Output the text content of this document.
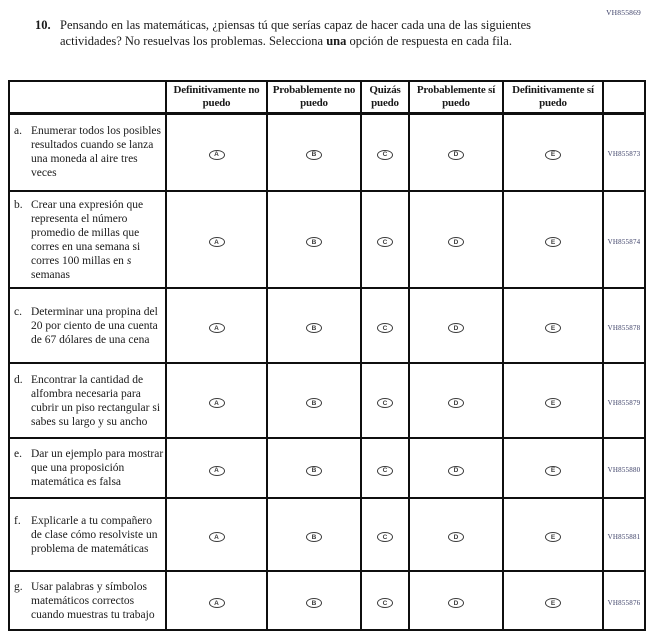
VH855869
10. Pensando en las matemáticas, ¿piensas tú que serías capaz de hacer cada una de las siguientes actividades? No resuelvas los problemas. Selecciona una opción de respuesta en cada fila.

	Definitivamente no puedo	Probablemente no puedo	Quizás puedo	Probablemente sí puedo	Definitivamente sí puedo	

a. Enumerar todos los posibles resultados cuando se lanza una moneda al aire tres veces	A	B	C	D	E	VH855873

b. Crear una expresión que representa el número promedio de millas que corres en una semana si corres 100 millas en s semanas	A	B	C	D	E	VH855874

c. Determinar una propina del 20 por ciento de una cuenta de 67 dólares de una cena	A	B	C	D	E	VH855878

d. Encontrar la cantidad de alfombra necesaria para cubrir un piso rectangular si sabes su largo y su ancho	A	B	C	D	E	VH855879

e. Dar un ejemplo para mostrar que una proposición matemática es falsa	A	B	C	D	E	VH855880

f. Explicarle a tu compañero de clase cómo resolviste un problema de matemáticas	A	B	C	D	E	VH855881

g. Usar palabras y símbolos matemáticos correctos cuando muestras tu trabajo	A	B	C	D	E	VH855876
